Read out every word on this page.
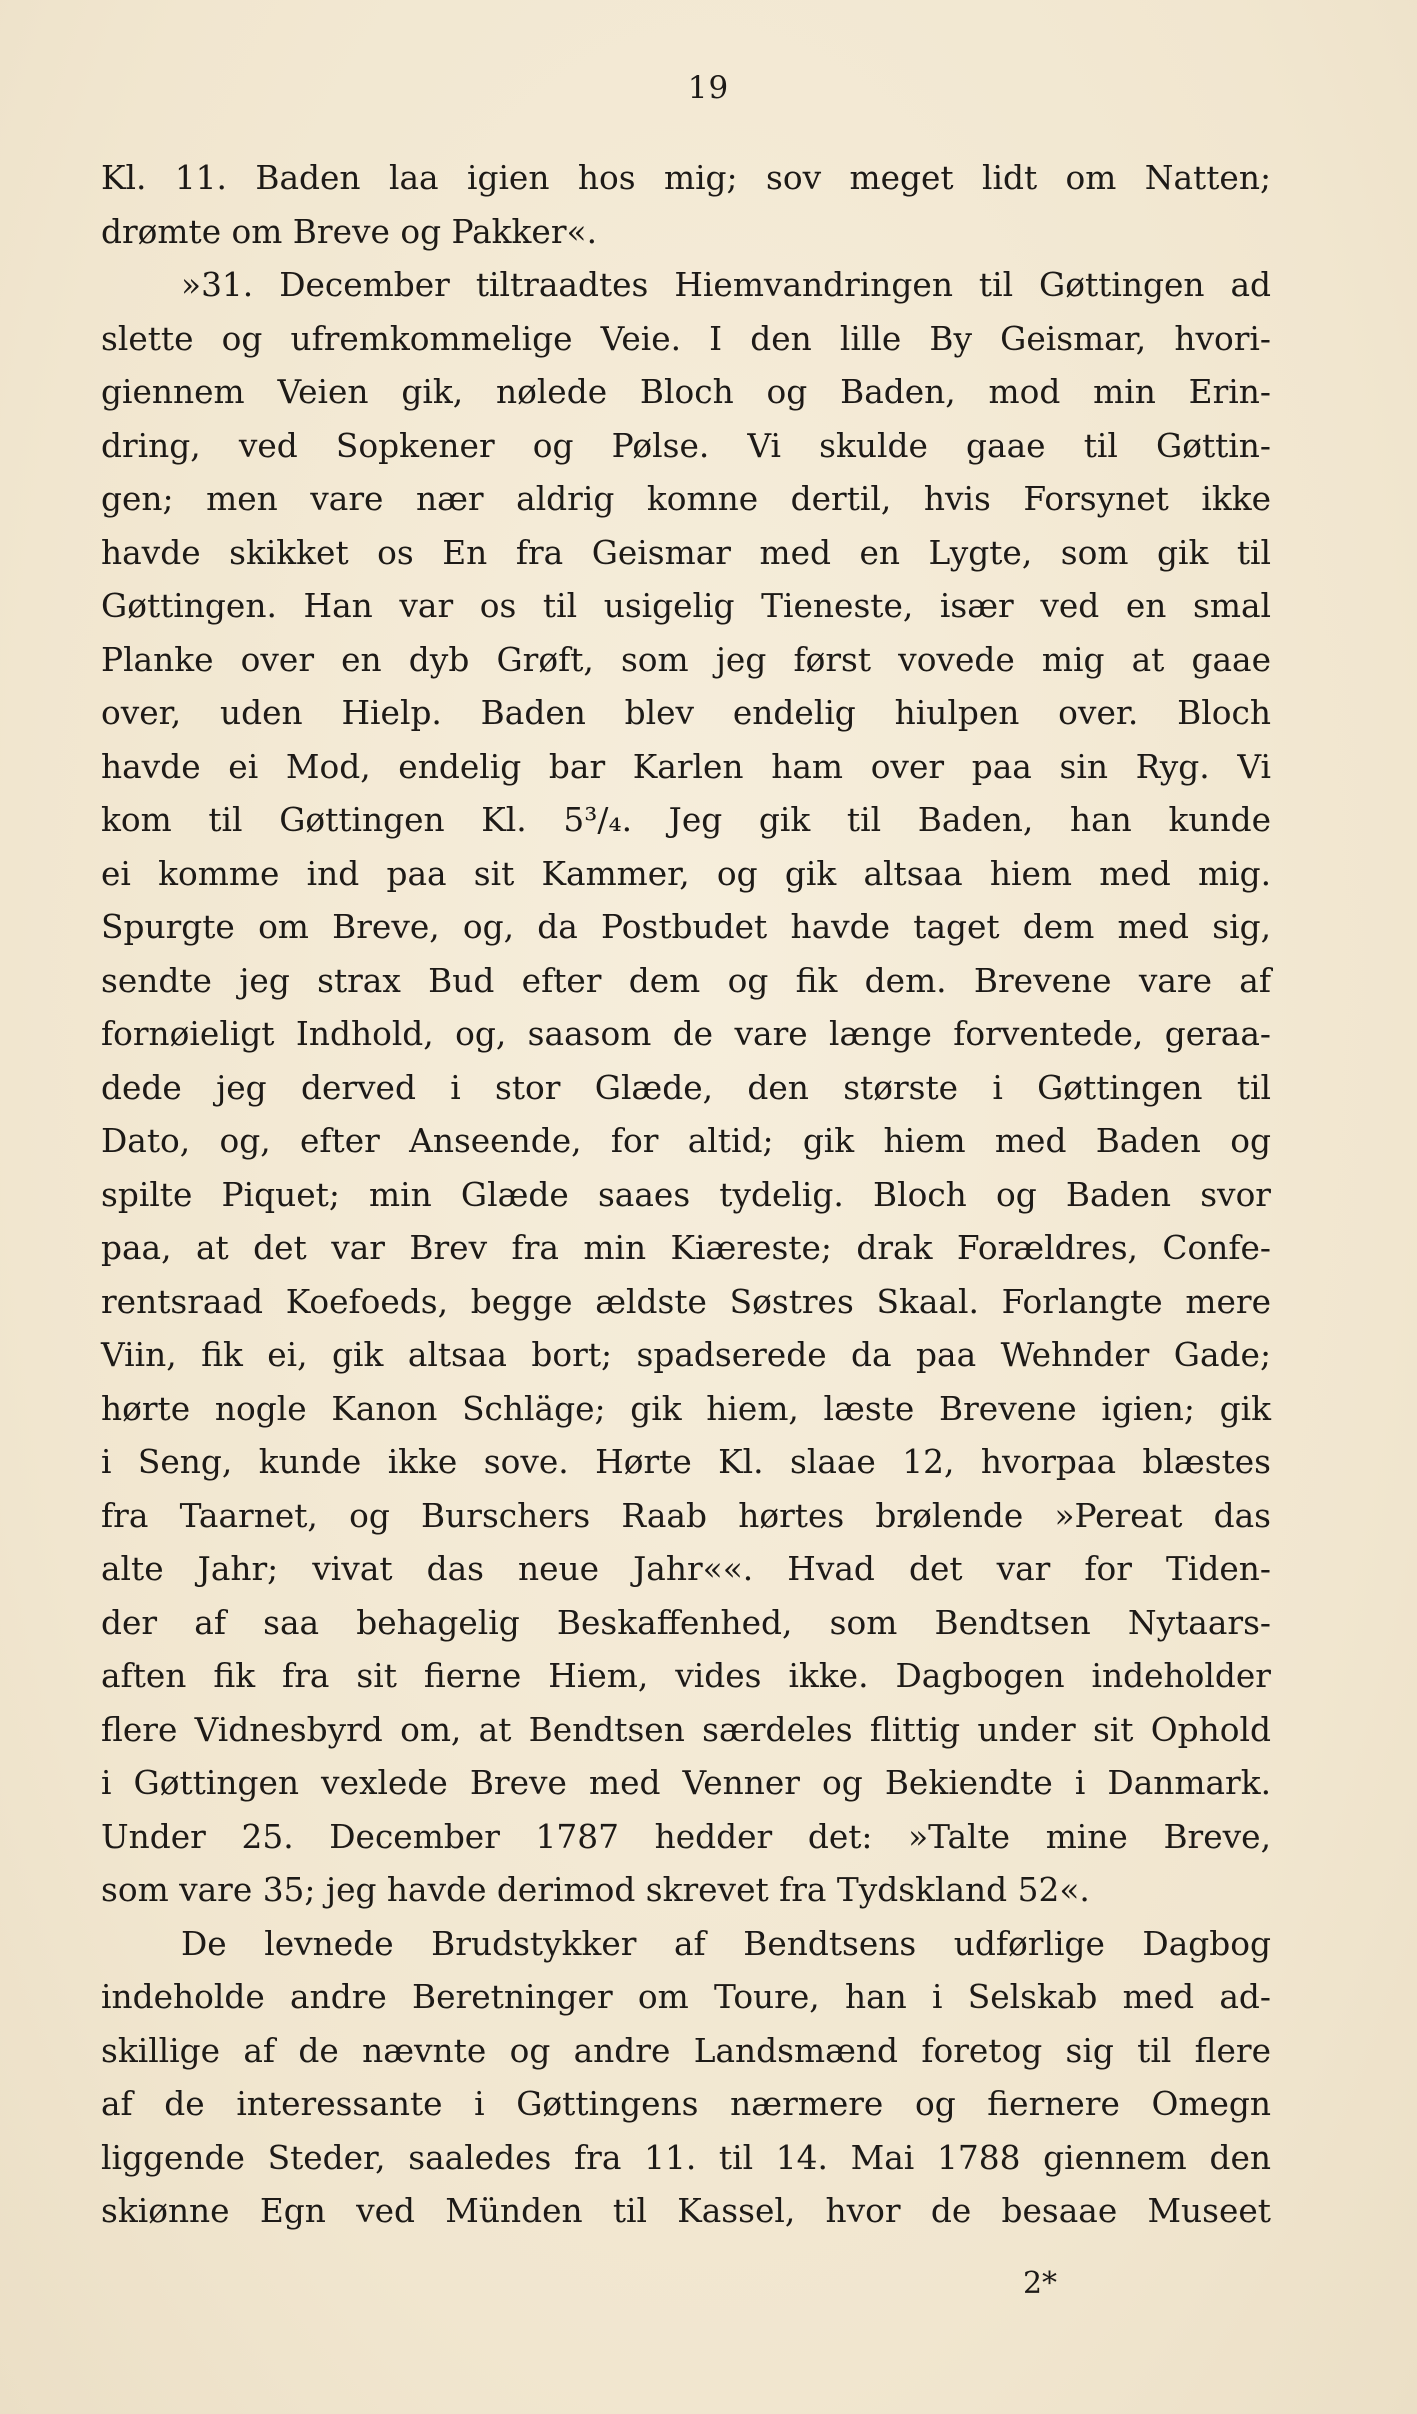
19
Kl. 11. Baden laa igien hos mig; sov meget lidt om Natten;
drømte om Breve og Pakker«.
»31. December tiltraadtes Hiemvandringen til Gøttingen ad
slette og ufremkommelige Veie. I den lille By Geismar, hvori-
giennem Veien gik, nølede Bloch og Baden, mod min Erin-
dring, ved Sopkener og Pølse. Vi skulde gaae til Gøttin-
gen; men vare nær aldrig komne dertil, hvis Forsynet ikke
havde skikket os En fra Geismar med en Lygte, som gik til
Gøttingen. Han var os til usigelig Tieneste, især ved en smal
Planke over en dyb Grøft, som jeg først vovede mig at gaae
over, uden Hielp. Baden blev endelig hiulpen over. Bloch
havde ei Mod, endelig bar Karlen ham over paa sin Ryg. Vi
kom til Gøttingen Kl. 5³/₄. Jeg gik til Baden, han kunde
ei komme ind paa sit Kammer, og gik altsaa hiem med mig.
Spurgte om Breve, og, da Postbudet havde taget dem med sig,
sendte jeg strax Bud efter dem og fik dem. Brevene vare af
fornøieligt Indhold, og, saasom de vare længe forventede, geraa-
dede jeg derved i stor Glæde, den største i Gøttingen til
Dato, og, efter Anseende, for altid; gik hiem med Baden og
spilte Piquet; min Glæde saaes tydelig. Bloch og Baden svor
paa, at det var Brev fra min Kiæreste; drak Forældres, Confe-
rentsraad Koefoeds, begge ældste Søstres Skaal. Forlangte mere
Viin, fik ei, gik altsaa bort; spadserede da paa Wehnder Gade;
hørte nogle Kanon Schläge; gik hiem, læste Brevene igien; gik
i Seng, kunde ikke sove. Hørte Kl. slaae 12, hvorpaa blæstes
fra Taarnet, og Burschers Raab hørtes brølende »Pereat das
alte Jahr; vivat das neue Jahr««. Hvad det var for Tiden-
der af saa behagelig Beskaffenhed, som Bendtsen Nytaars-
aften fik fra sit fierne Hiem, vides ikke. Dagbogen indeholder
flere Vidnesbyrd om, at Bendtsen særdeles flittig under sit Ophold
i Gøttingen vexlede Breve med Venner og Bekiendte i Danmark.
Under 25. December 1787 hedder det: »Talte mine Breve,
som vare 35; jeg havde derimod skrevet fra Tydskland 52«.
De levnede Brudstykker af Bendtsens udførlige Dagbog
indeholde andre Beretninger om Toure, han i Selskab med ad-
skillige af de nævnte og andre Landsmænd foretog sig til flere
af de interessante i Gøttingens nærmere og fiernere Omegn
liggende Steder, saaledes fra 11. til 14. Mai 1788 giennem den
skiønne Egn ved Münden til Kassel, hvor de besaae Museet
2*
